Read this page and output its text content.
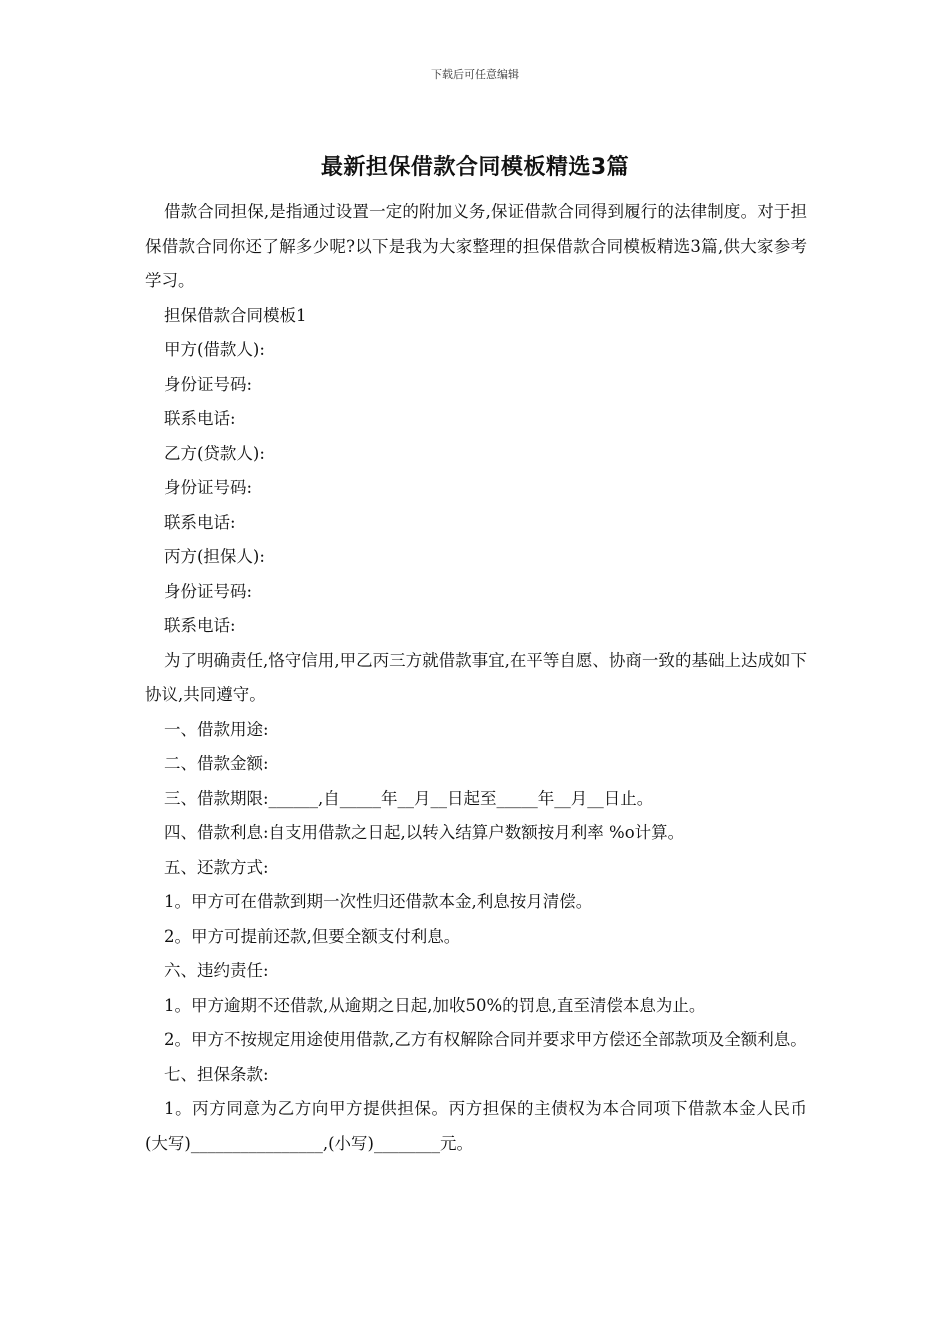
下载后可任意编辑
最新担保借款合同模板精选3篇

借款合同担保,是指通过设置一定的附加义务,保证借款合同得到履行的法律制度。对于担保借款合同你还了解多少呢?以下是我为大家整理的担保借款合同模板精选3篇,供大家参考学习。

担保借款合同模板1

甲方(借款人):

身份证号码:

联系电话:

乙方(贷款人):

身份证号码:

联系电话:

丙方(担保人):

身份证号码:

联系电话:

为了明确责任,恪守信用,甲乙丙三方就借款事宜,在平等自愿、协商一致的基础上达成如下协议,共同遵守。

一、借款用途:

二、借款金额:

三、借款期限:______,自_____年__月__日起至_____年__月__日止。

四、借款利息:自支用借款之日起,以转入结算户数额按月利率 %o计算。

五、还款方式:

1。甲方可在借款到期一次性归还借款本金,利息按月清偿。

2。甲方可提前还款,但要全额支付利息。

六、违约责任:

1。甲方逾期不还借款,从逾期之日起,加收50%的罚息,直至清偿本息为止。

2。甲方不按规定用途使用借款,乙方有权解除合同并要求甲方偿还全部款项及全额利息。

七、担保条款:

1。丙方同意为乙方向甲方提供担保。丙方担保的主债权为本合同项下借款本金人民币(大写)________________,(小写)________元。
